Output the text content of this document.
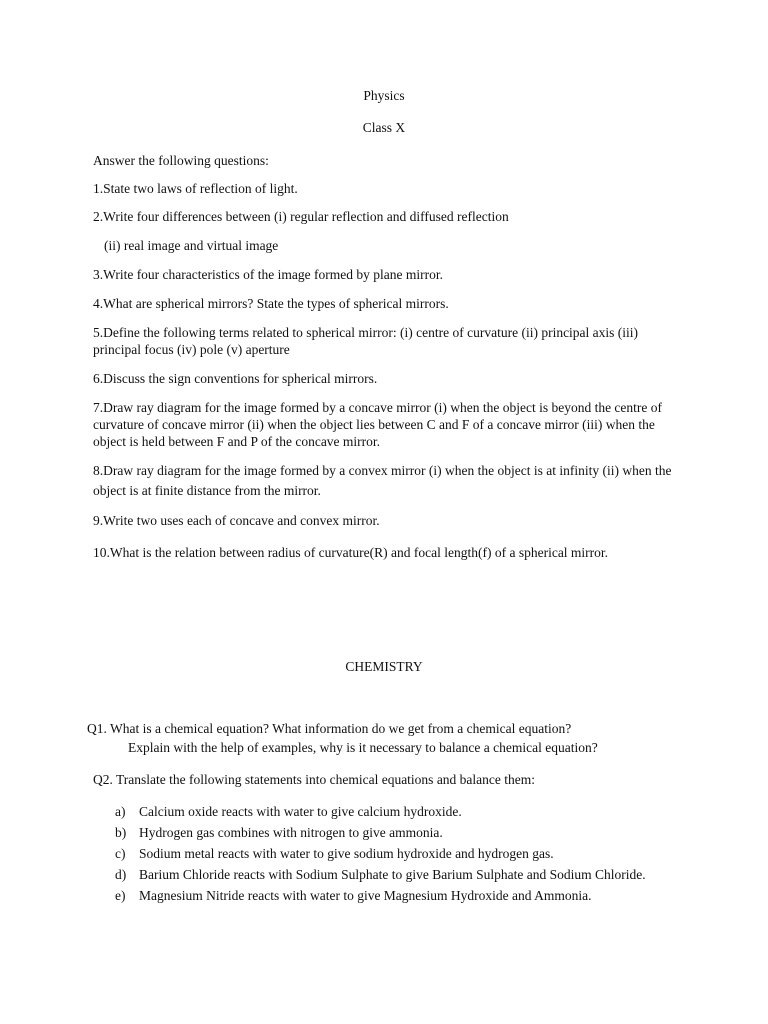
Physics

Class X

Answer the following questions:

1.State two laws of reflection of light.

2.Write four differences between (i) regular reflection and diffused reflection

(ii) real image and virtual image

3.Write four characteristics of the image formed by plane mirror.

4.What are spherical mirrors? State the types of spherical mirrors.

5.Define the following terms related to spherical mirror: (i) centre of curvature (ii) principal axis (iii) principal focus (iv) pole (v) aperture

6.Discuss the sign conventions for spherical mirrors.

7.Draw ray diagram for the image formed by a concave mirror (i) when the object is beyond the centre of curvature of concave mirror (ii) when the object lies between C and F of a concave mirror (iii) when the object is held between F and P of the concave mirror.

8.Draw ray diagram for the image formed by a convex mirror (i) when the object is at infinity (ii) when the object is at finite distance from the mirror.

9.Write two uses each of concave and convex mirror.

10.What is the relation between radius of curvature(R) and focal length(f) of a spherical mirror.

CHEMISTRY

Q1. What is a chemical equation? What information do we get from a chemical equation?

Explain with the help of examples, why is it necessary to balance a chemical equation?

Q2. Translate the following statements into chemical equations and balance them:

a) Calcium oxide reacts with water to give calcium hydroxide.
b) Hydrogen gas combines with nitrogen to give ammonia.
c) Sodium metal reacts with water to give sodium hydroxide and hydrogen gas.
d) Barium Chloride reacts with Sodium Sulphate to give Barium Sulphate and Sodium Chloride.
e) Magnesium Nitride reacts with water to give Magnesium Hydroxide and Ammonia.
